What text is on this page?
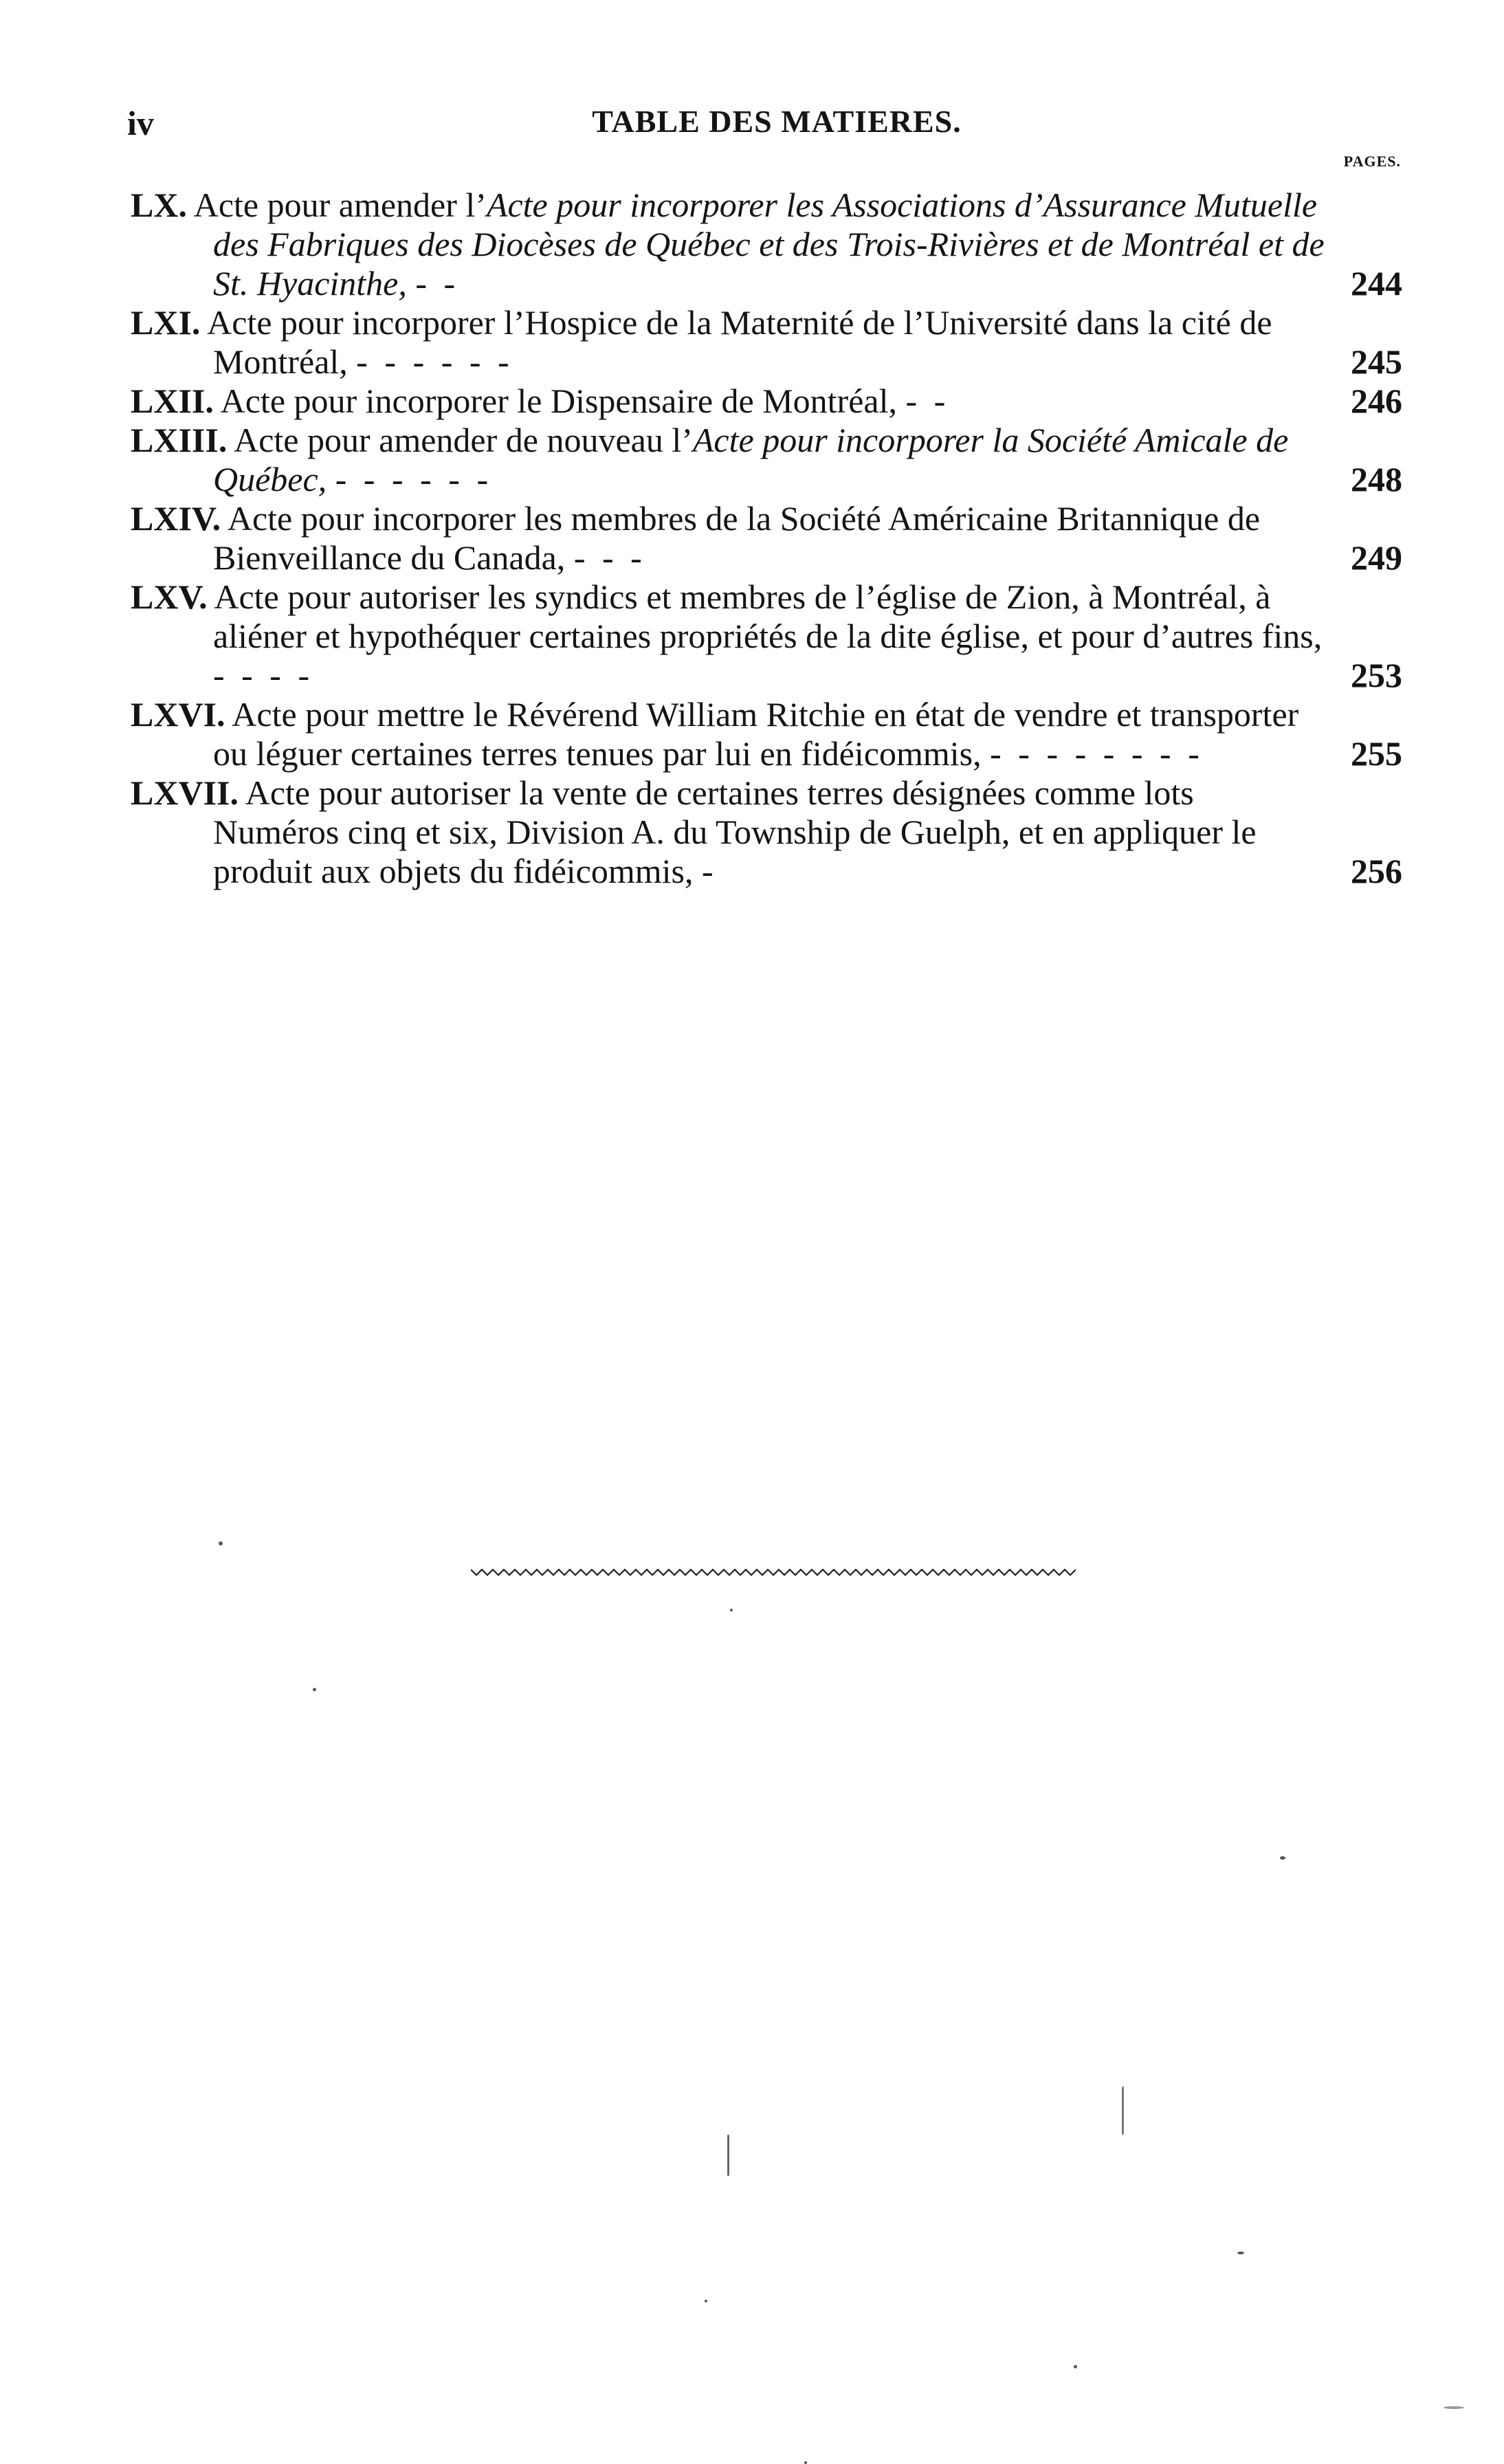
iv	TABLE DES MATIERES.
PAGES.
LX. Acte pour amender l’Acte pour incorporer les Associations d’Assurance Mutuelle des Fabriques des Diocèses de Québec et des Trois-Rivières et de Montréal et de St. Hyacinthe, - -	244
LXI. Acte pour incorporer l’Hospice de la Maternité de l’Université dans la cité de Montréal, - - - - - -	245
LXII. Acte pour incorporer le Dispensaire de Montréal, - -	246
LXIII. Acte pour amender de nouveau l’Acte pour incorporer la Société Amicale de Québec, - - - - - -	248
LXIV. Acte pour incorporer les membres de la Société Américaine Britannique de Bienveillance du Canada, - - -	249
LXV. Acte pour autoriser les syndics et membres de l’église de Zion, à Montréal, à aliéner et hypothéquer certaines propriétés de la dite église, et pour d’autres fins, - - - -	253
LXVI. Acte pour mettre le Révérend William Ritchie en état de vendre et transporter ou léguer certaines terres tenues par lui en fidéicommis, - - - - - - - -	255
LXVII. Acte pour autoriser la vente de certaines terres désignées comme lots Numéros cinq et six, Division A. du Township de Guelph, et en appliquer le produit aux objets du fidéicommis, -	256
